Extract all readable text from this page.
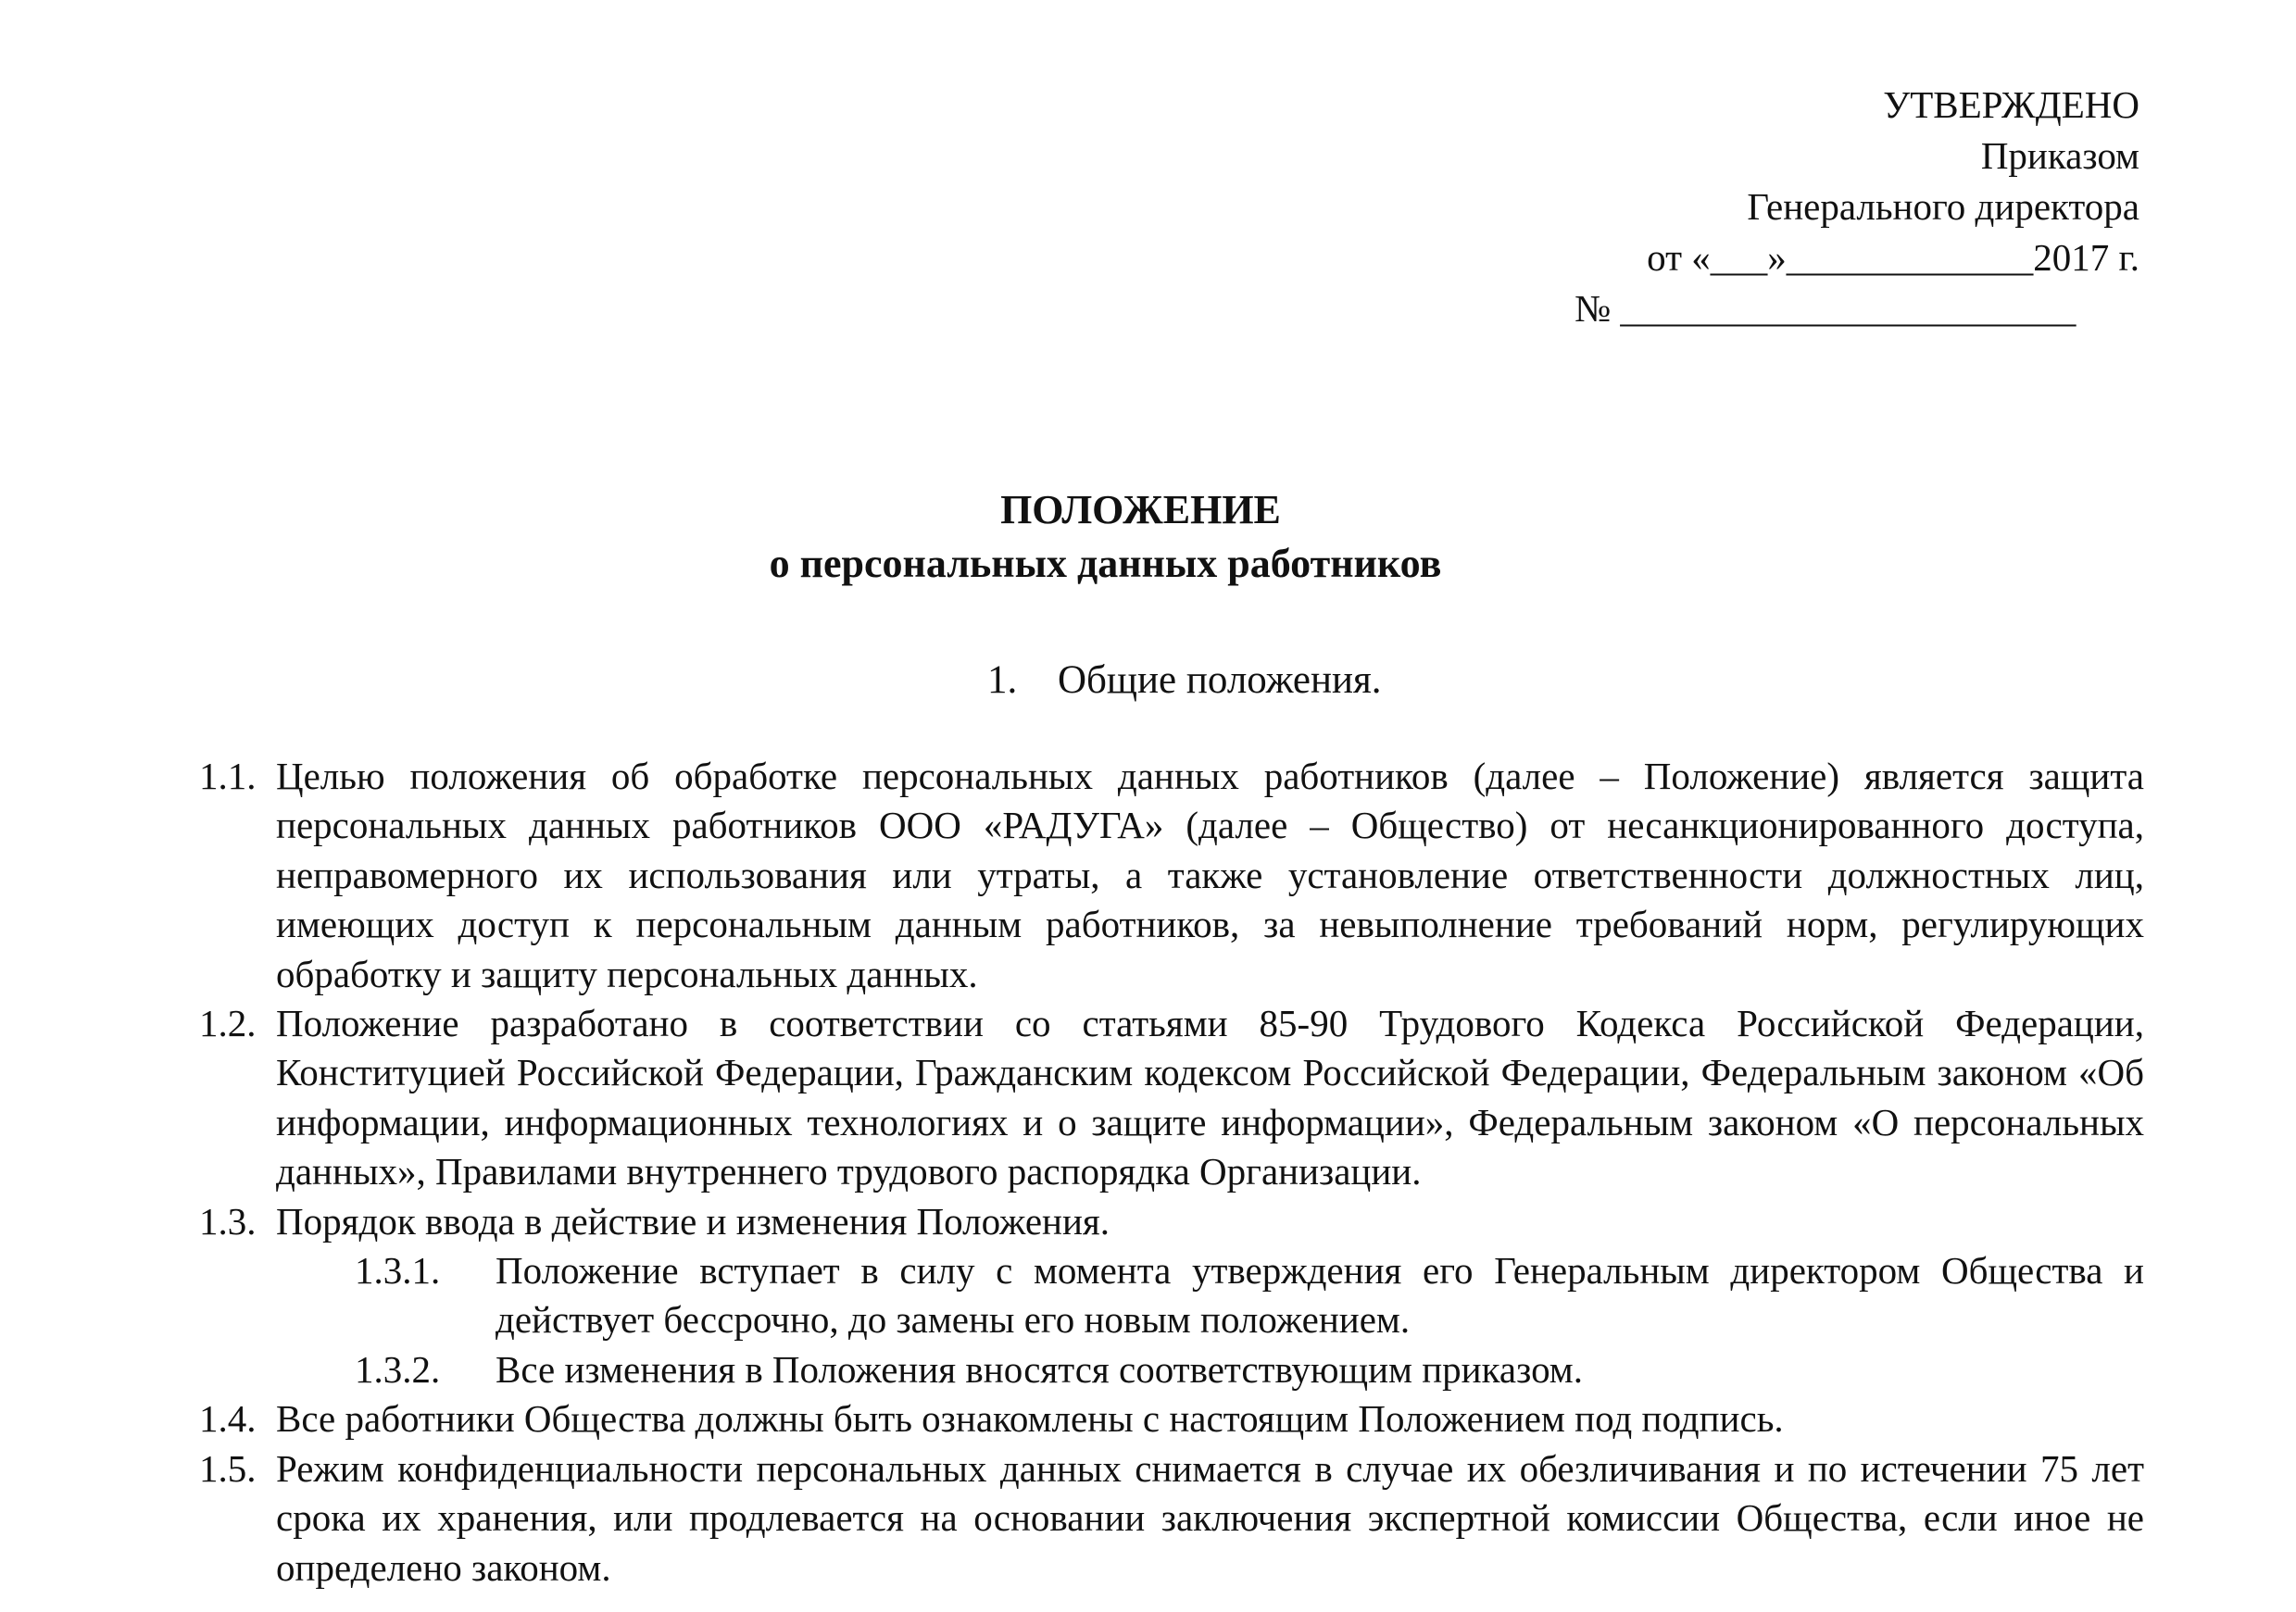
УТВЕРЖДЕНО
Приказом
Генерального директора
от «___»_____________2017 г.
№ ________________________
ПОЛОЖЕНИЕ
о персональных данных работников
1. Общие положения.
1.1. Целью положения об обработке персональных данных работников (далее – Положение) является защита персональных данных работников ООО «РАДУГА» (далее – Общество) от несанкционированного доступа, неправомерного их использования или утраты, а также установление ответственности должностных лиц, имеющих доступ к персональным данным работников, за невыполнение требований норм, регулирующих обработку и защиту персональных данных.
1.2. Положение разработано в соответствии со статьями 85-90 Трудового Кодекса Российской Федерации, Конституцией Российской Федерации, Гражданским кодексом Российской Федерации, Федеральным законом «Об информации, информационных технологиях и о защите информации», Федеральным законом «О персональных данных», Правилами внутреннего трудового распорядка Организации.
1.3. Порядок ввода в действие и изменения Положения.
1.3.1.	Положение вступает в силу с момента утверждения его Генеральным директором Общества и действует бессрочно, до замены его новым положением.
1.3.2.	Все изменения в Положения вносятся соответствующим приказом.
1.4. Все работники Общества должны быть ознакомлены с настоящим Положением под подпись.
1.5. Режим конфиденциальности персональных данных снимается в случае их обезличивания и по истечении 75 лет срока их хранения, или продлевается на основании заключения экспертной комиссии Общества, если иное не определено законом.
